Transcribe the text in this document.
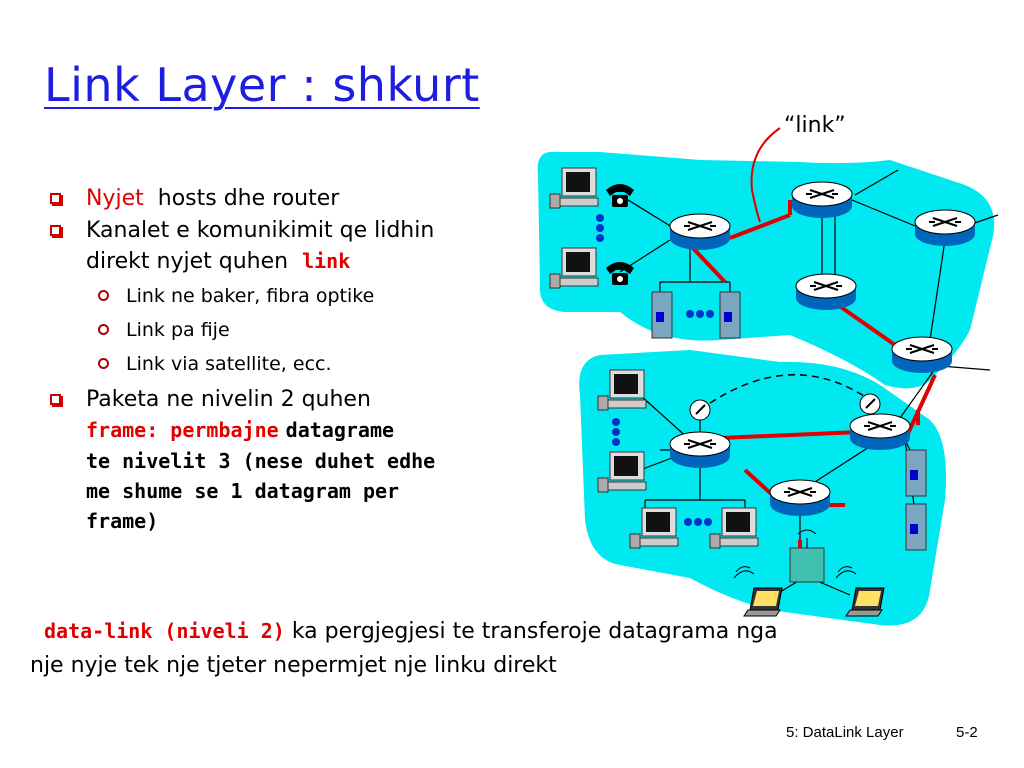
Link Layer : shkurt
Nyjet hosts dhe router
Kanalet e komunikimit qe lidhin
direkt nyjet quhen link
Link ne baker, fibra optike
Link pa fije
Link via satellite, ecc.
Paketa ne nivelin 2 quhen
frame: permbajne datagrame
te nivelit 3 (nese duhet edhe
me shume se 1 datagram per
frame)
“link”
data-link (niveli 2) ka pergjegjesi te transferoje datagrama nga
nje nyje tek nje tjeter nepermjet nje linku direkt
5: DataLink Layer	5-2
